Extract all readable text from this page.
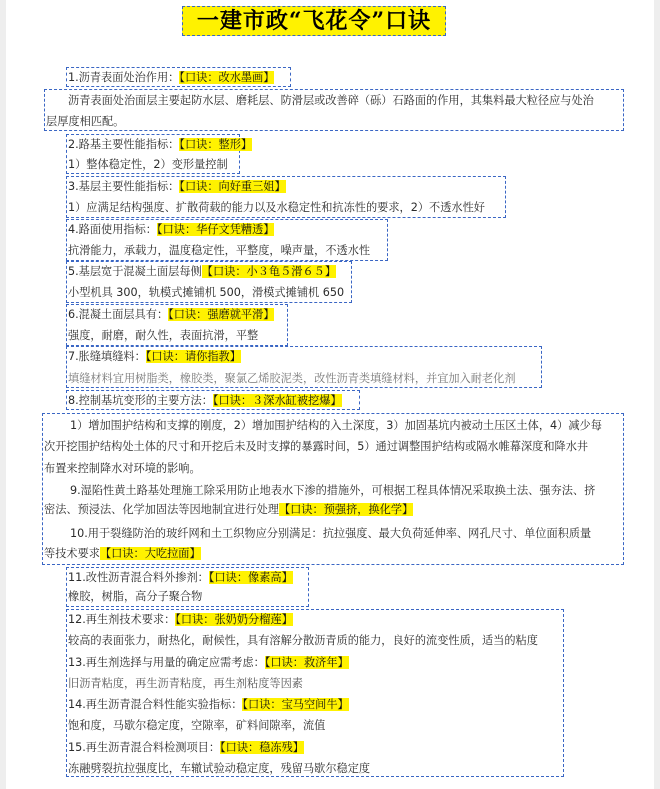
一建市政“飞花令”口诀
1.沥青表面处治作用：【口诀：改水墨画】
沥青表面处治面层主要起防水层、磨耗层、防滑层或改善碎（砾）石路面的作用，其集料最大粒径应与处治
层厚度相匹配。
2.路基主要性能指标：【口诀：整形】
1）整体稳定性，2）变形量控制
3.基层主要性能指标：【口诀：向好重三姐】
1）应满足结构强度、扩散荷载的能力以及水稳定性和抗冻性的要求，2）不透水性好
4.路面使用指标：【口诀：华仔文凭糟透】
抗滑能力，承载力，温度稳定性，平整度，噪声量，不透水性
5.基层宽于混凝土面层每侧【口诀：小３龟５滑６５】
小型机具 300，轨模式摊铺机 500，滑模式摊铺机 650
6.混凝土面层具有：【口诀：强磨就平滑】
强度，耐磨，耐久性，表面抗滑，平整
7.胀缝填缝料：【口诀：请你指教】
填缝材料宜用树脂类，橡胶类，聚氯乙烯胶泥类，改性沥青类填缝材料，并宜加入耐老化剂
8.控制基坑变形的主要方法：【口诀：３深水缸被挖爆】
1）增加围护结构和支撑的刚度，2）增加围护结构的入土深度，3）加固基坑内被动土压区土体，4）减少每
次开挖围护结构处土体的尺寸和开挖后未及时支撑的暴露时间，5）通过调整围护结构或隔水帷幕深度和降水井
布置来控制降水对环境的影响。
9.湿陷性黄土路基处理施工除采用防止地表水下渗的措施外，可根据工程具体情况采取换土法、强夯法、挤
密法、预浸法、化学加固法等因地制宜进行处理【口诀：预强挤，换化学】
10.用于裂缝防治的玻纤网和土工织物应分别满足：抗拉强度、最大负荷延伸率、网孔尺寸、单位面积质量
等技术要求【口诀：大吃拉面】
11.改性沥青混合料外掺剂：【口诀：像素高】
橡胶，树脂，高分子聚合物
12.再生剂技术要求：【口诀：张奶奶分榴莲】
较高的表面张力，耐热化，耐候性，具有溶解分散沥青质的能力，良好的流变性质，适当的粘度
13.再生剂选择与用量的确定应需考虑：【口诀：救济年】
旧沥青粘度，再生沥青粘度，再生剂粘度等因素
14.再生沥青混合料性能实验指标：【口诀：宝马空间牛】
饱和度，马歇尔稳定度，空隙率，矿料间隙率，流值
15.再生沥青混合料检测项目：【口诀：稳冻残】
冻融劈裂抗拉强度比，车辙试验动稳定度，残留马歇尔稳定度
